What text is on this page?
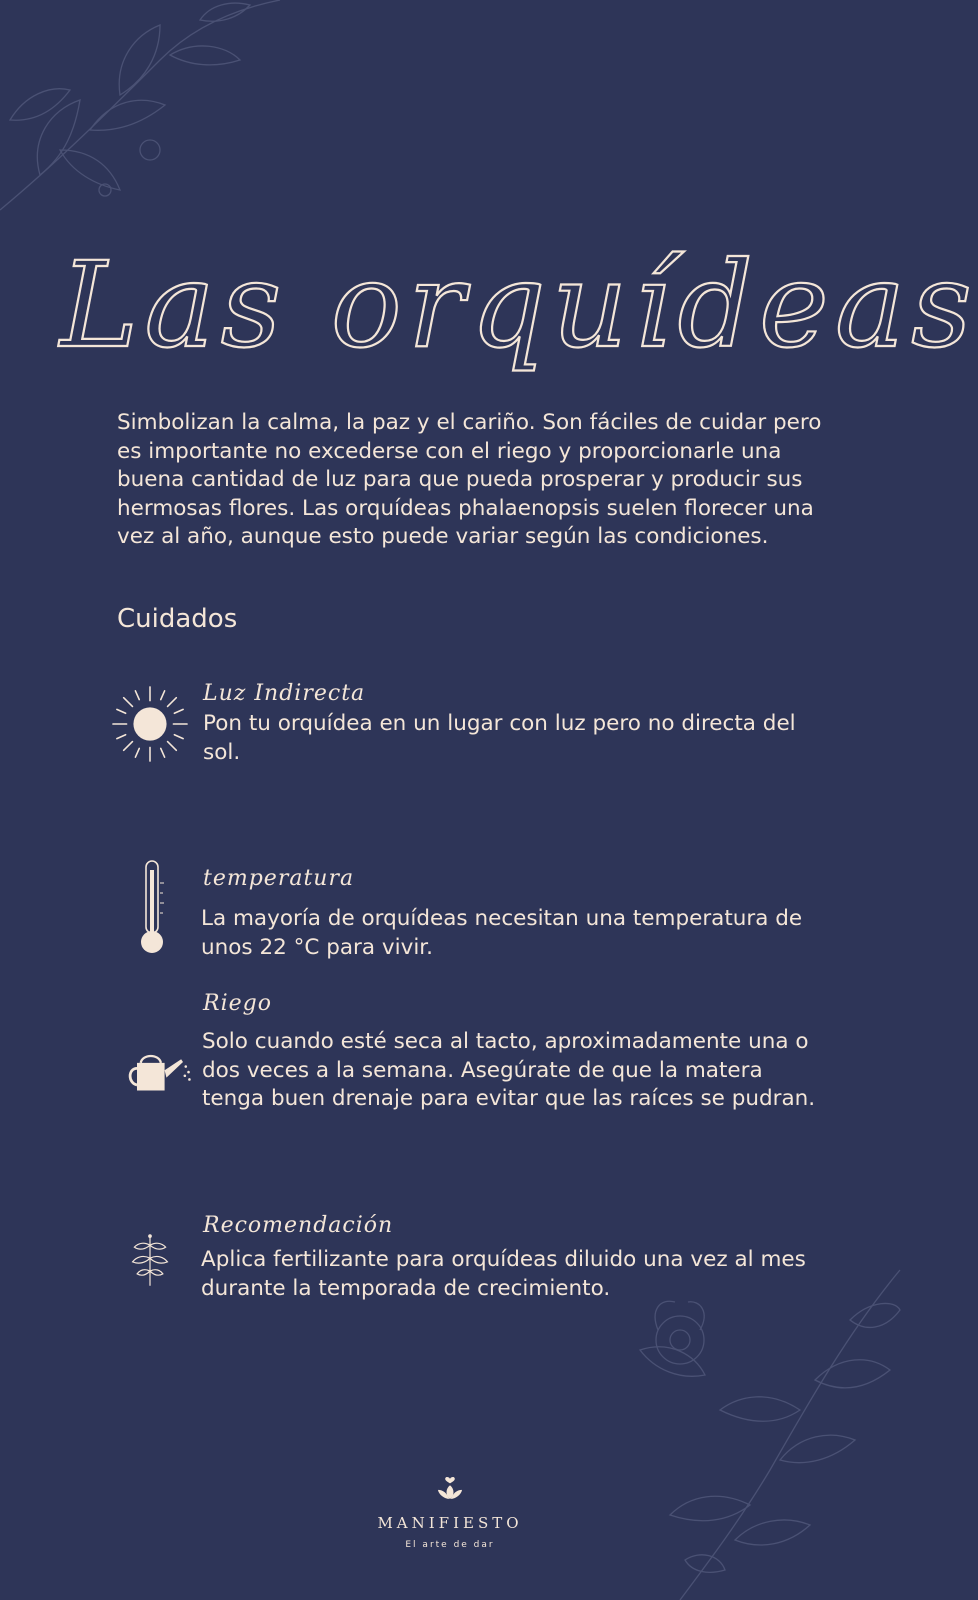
Las orquídeas

Simbolizan la calma, la paz y el cariño. Son fáciles de cuidar pero es importante no excederse con el riego y proporcionarle una buena cantidad de luz para que pueda prosperar y producir sus hermosas flores. Las orquídeas phalaenopsis suelen florecer una vez al año, aunque esto puede variar según las condiciones.

Cuidados
Luz Indirecta

Pon tu orquídea en un lugar con luz pero no directa del sol.

temperatura

La mayoría de orquídeas necesitan una temperatura de unos 22 °C para vivir.

Riego

Solo cuando esté seca al tacto, aproximadamente una o dos veces a la semana. Asegúrate de que la matera tenga buen drenaje para evitar que las raíces se pudran.

Recomendación

Aplica fertilizante para orquídeas diluido una vez al mes durante la temporada de crecimiento.

MANIFIESTO
El arte de dar
